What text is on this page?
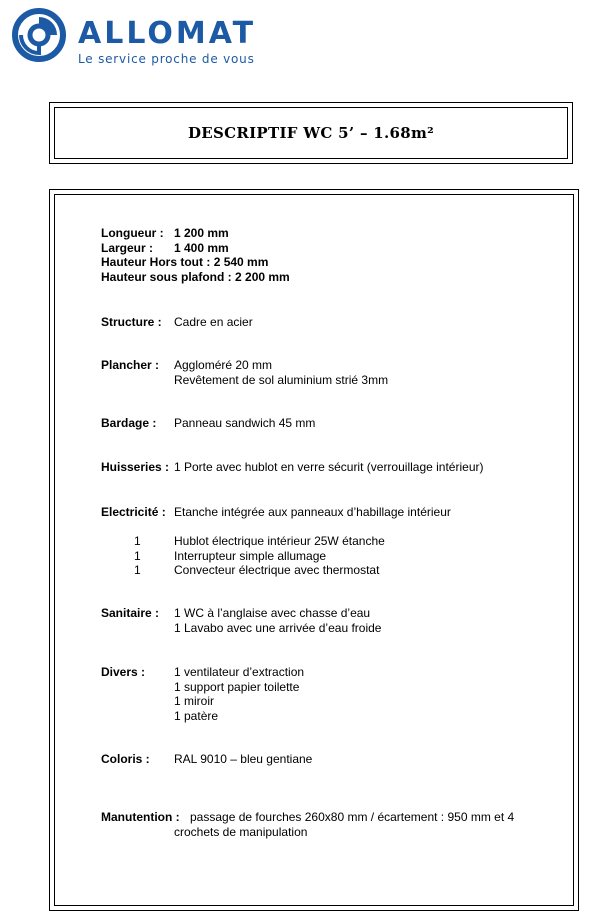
ALLOMAT
Le service proche de vous
DESCRIPTIF WC 5’ – 1.68m²
Longueur : 1 200 mm
Largeur : 1 400 mm
Hauteur Hors tout : 2 540 mm
Hauteur sous plafond : 2 200 mm
Structure : Cadre en acier
Plancher : Aggloméré 20 mm
Revêtement de sol aluminium strié 3mm
Bardage : Panneau sandwich 45 mm
Huisseries : 1 Porte avec hublot en verre sécurit (verrouillage intérieur)
Electricité : Etanche intégrée aux panneaux d’habillage intérieur
1	Hublot électrique intérieur 25W étanche
1	Interrupteur simple allumage
1	Convecteur électrique avec thermostat
Sanitaire : 1 WC à l’anglaise avec chasse d’eau
1 Lavabo avec une arrivée d’eau froide
Divers : 1 ventilateur d’extraction
1 support papier toilette
1 miroir
1 patère
Coloris : RAL 9010 – bleu gentiane
Manutention : passage de fourches 260x80 mm / écartement : 950 mm et 4
crochets de manipulation
